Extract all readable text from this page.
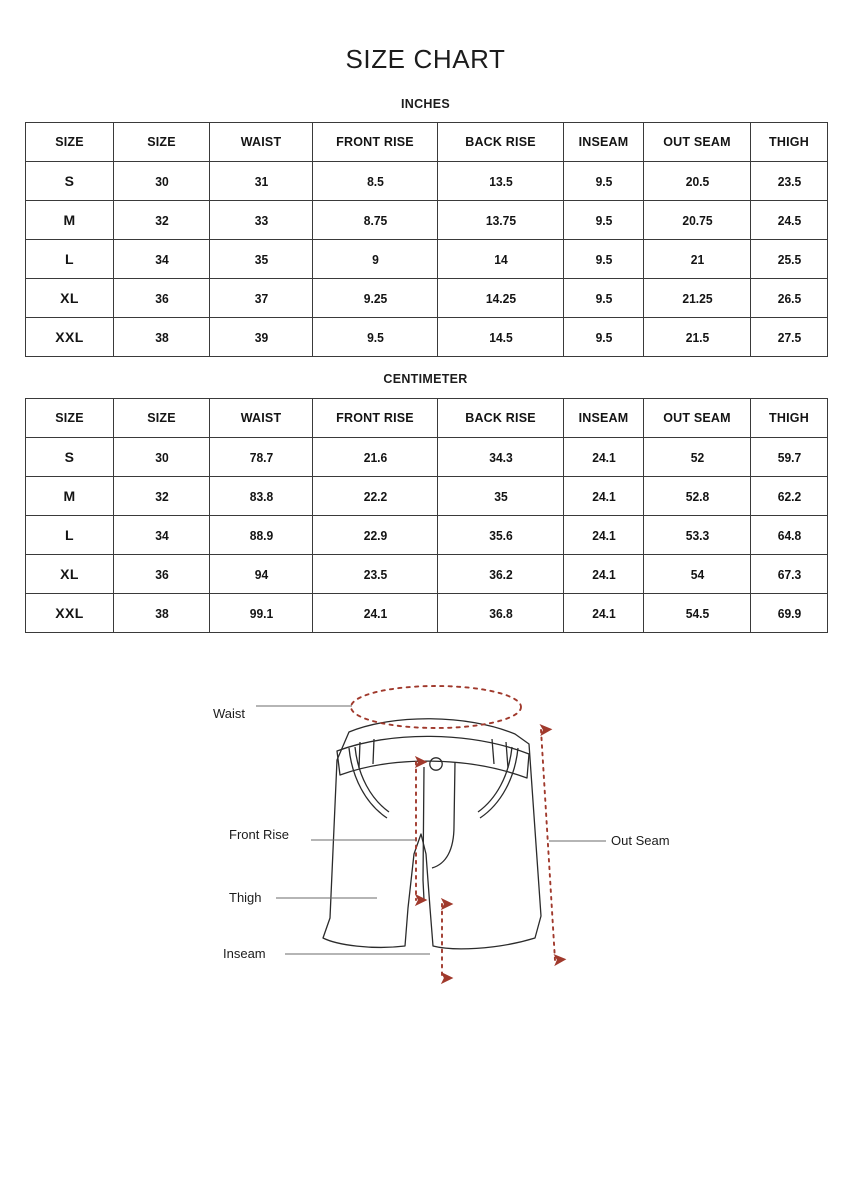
SIZE CHART
INCHES
SIZE	SIZE	WAIST	FRONT RISE	BACK RISE	INSEAM	OUT SEAM	THIGH
S	30	31	8.5	13.5	9.5	20.5	23.5
M	32	33	8.75	13.75	9.5	20.75	24.5
L	34	35	9	14	9.5	21	25.5
XL	36	37	9.25	14.25	9.5	21.25	26.5
XXL	38	39	9.5	14.5	9.5	21.5	27.5
CENTIMETER
SIZE	SIZE	WAIST	FRONT RISE	BACK RISE	INSEAM	OUT SEAM	THIGH
S	30	78.7	21.6	34.3	24.1	52	59.7
M	32	83.8	22.2	35	24.1	52.8	62.2
L	34	88.9	22.9	35.6	24.1	53.3	64.8
XL	36	94	23.5	36.2	24.1	54	67.3
XXL	38	99.1	24.1	36.8	24.1	54.5	69.9
Waist
Front Rise
Thigh
Inseam
Out Seam
